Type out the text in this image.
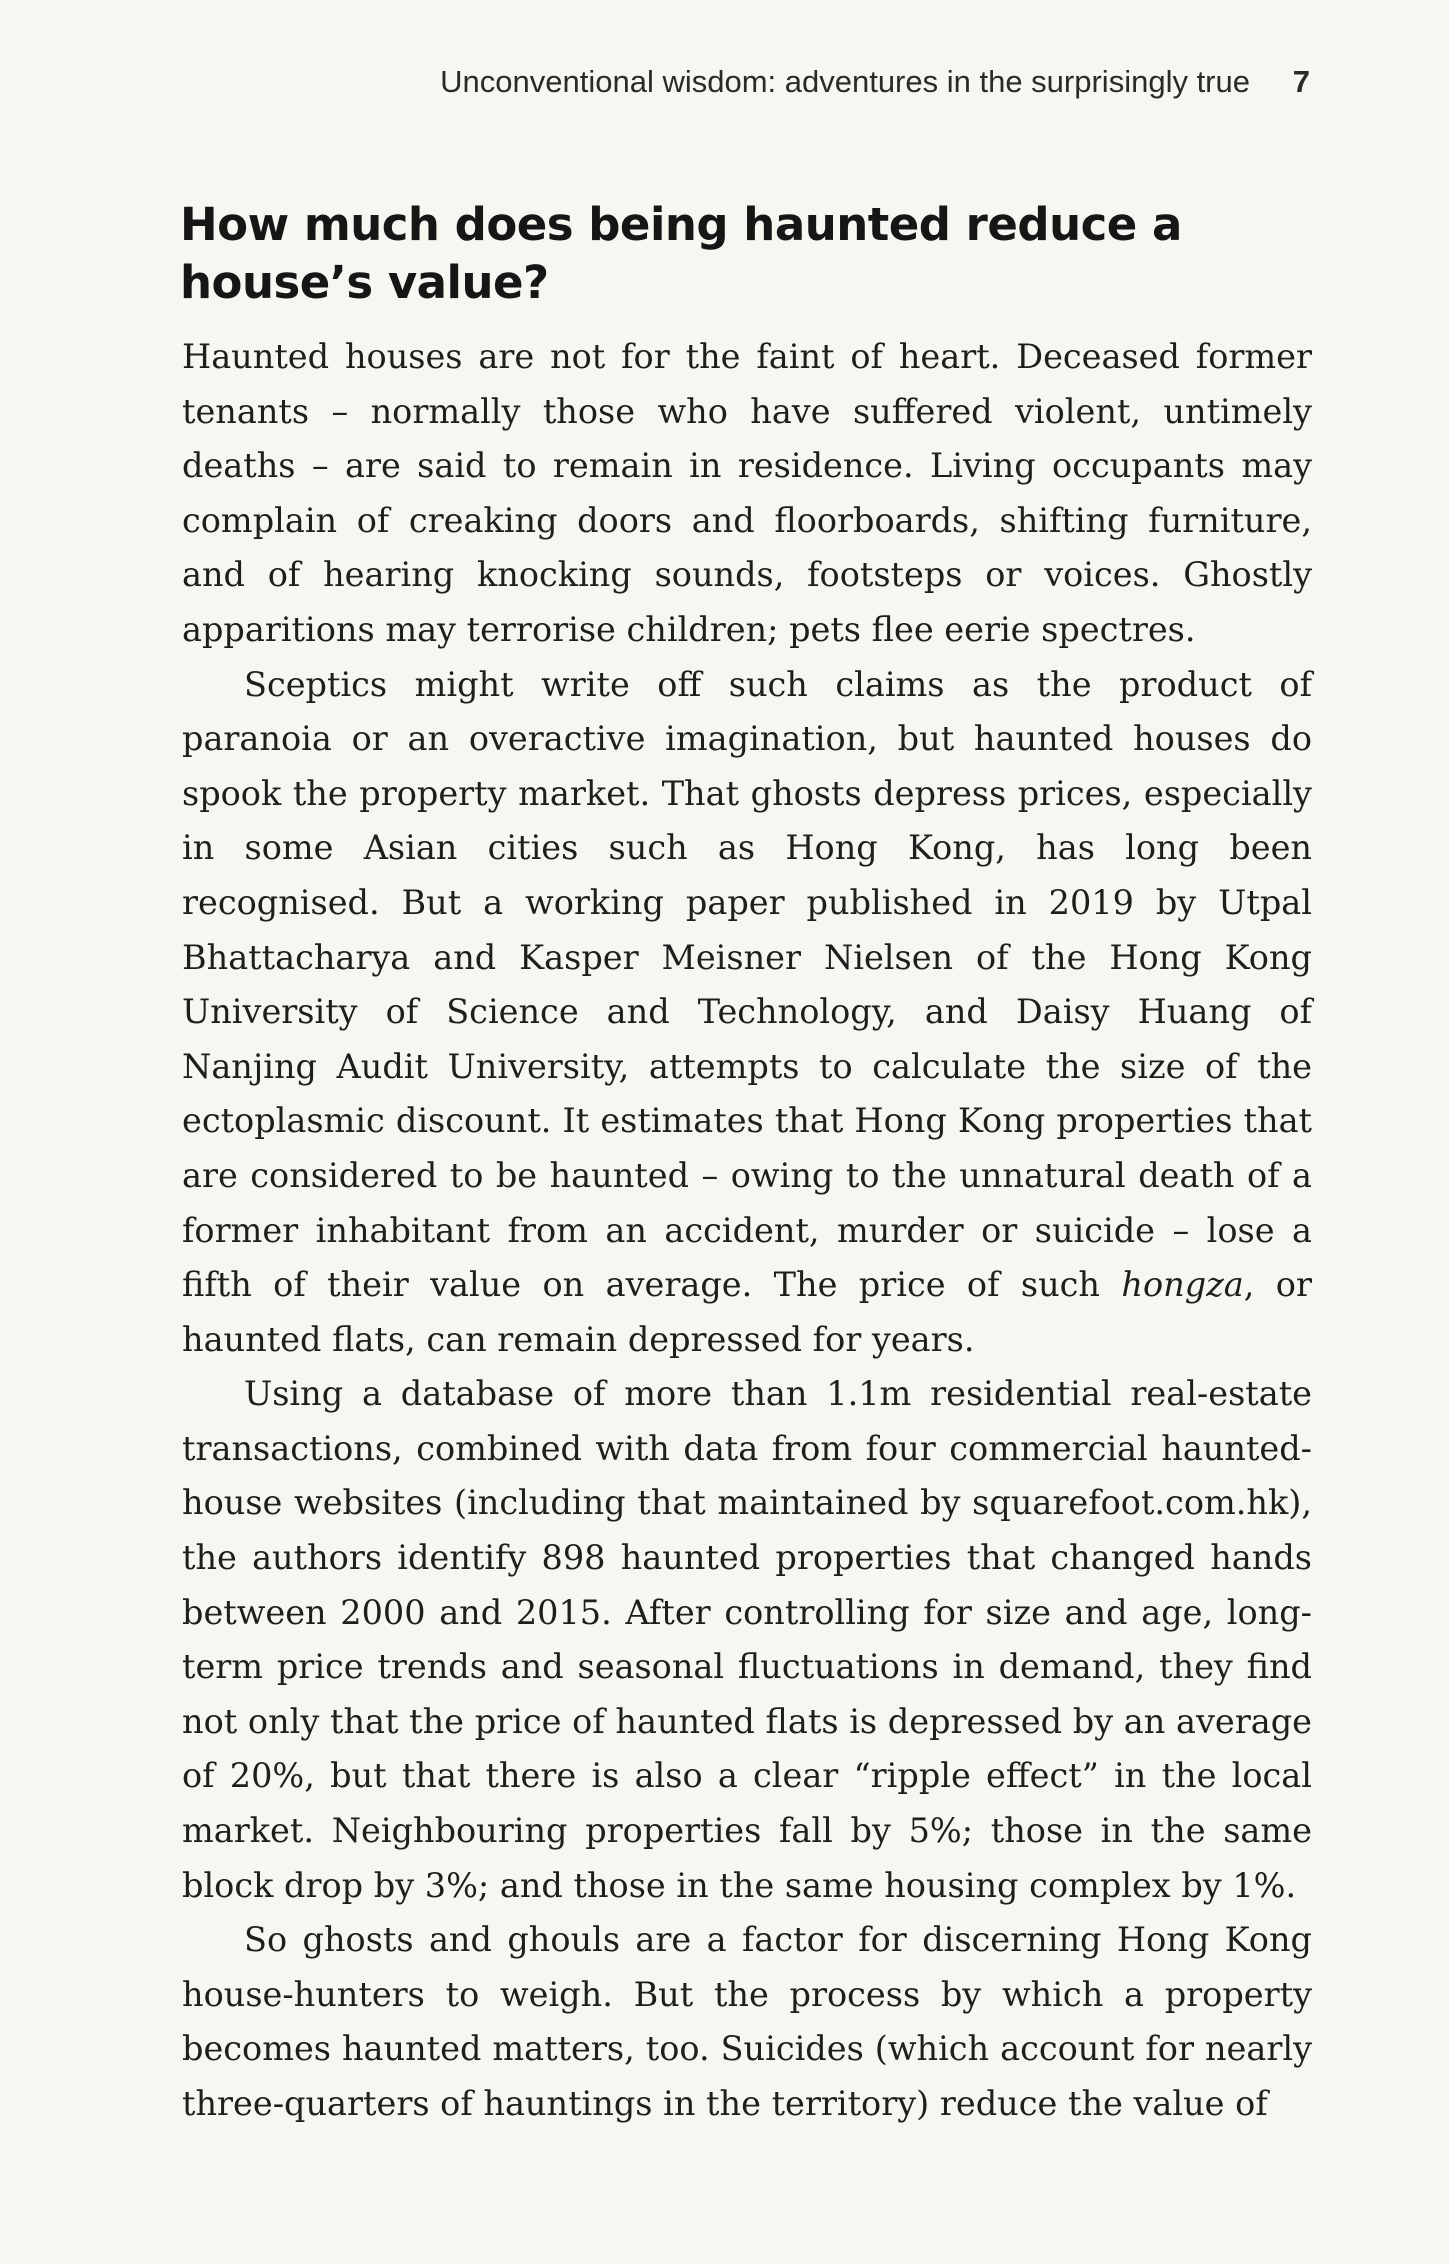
Unconventional wisdom: adventures in the surprisingly true 7
How much does being haunted reduce a house’s value?

Haunted houses are not for the faint of heart. Deceased former tenants – normally those who have suffered violent, untimely deaths – are said to remain in residence. Living occupants may complain of creaking doors and floorboards, shifting furniture, and of hearing knocking sounds, footsteps or voices. Ghostly apparitions may terrorise children; pets flee eerie spectres.

Sceptics might write off such claims as the product of paranoia or an overactive imagination, but haunted houses do spook the property market. That ghosts depress prices, especially in some Asian cities such as Hong Kong, has long been recognised. But a working paper published in 2019 by Utpal Bhattacharya and Kasper Meisner Nielsen of the Hong Kong University of Science and Technology, and Daisy Huang of Nanjing Audit University, attempts to calculate the size of the ectoplasmic discount. It estimates that Hong Kong properties that are considered to be haunted – owing to the unnatural death of a former inhabitant from an accident, murder or suicide – lose a fifth of their value on average. The price of such hongza, or haunted flats, can remain depressed for years.

Using a database of more than 1.1m residential real-estate transactions, combined with data from four commercial haunted-house websites (including that maintained by squarefoot.com.hk), the authors identify 898 haunted properties that changed hands between 2000 and 2015. After controlling for size and age, long-term price trends and seasonal fluctuations in demand, they find not only that the price of haunted flats is depressed by an average of 20%, but that there is also a clear “ripple effect” in the local market. Neighbouring properties fall by 5%; those in the same block drop by 3%; and those in the same housing complex by 1%.

So ghosts and ghouls are a factor for discerning Hong Kong house-hunters to weigh. But the process by which a property becomes haunted matters, too. Suicides (which account for nearly three-quarters of hauntings in the territory) reduce the value of
